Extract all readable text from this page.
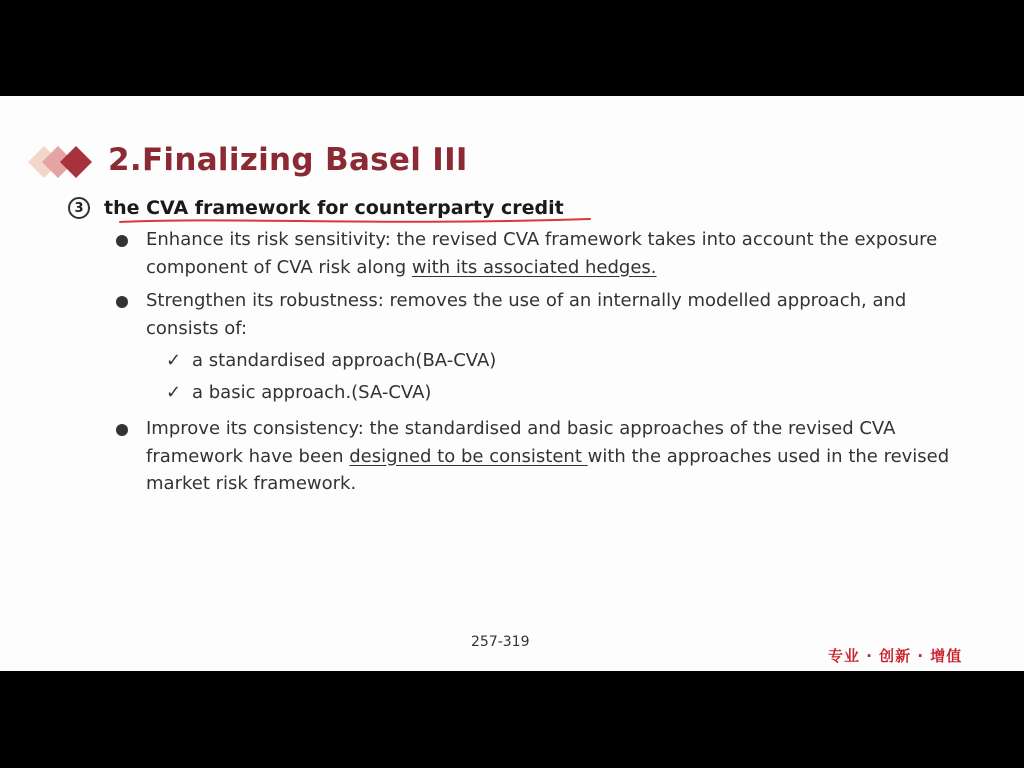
2.Finalizing Basel III
3	the CVA framework for counterparty credit
Enhance its risk sensitivity: the revised CVA framework takes into account the exposure component of CVA risk along with its associated hedges.
Strengthen its robustness: removes the use of an internally modelled approach, and consists of:
✓ a standardised approach(BA-CVA)
✓ a basic approach.(SA-CVA)
Improve its consistency: the standardised and basic approaches of the revised CVA framework have been designed to be consistent with the approaches used in the revised market risk framework.
257-319
专业 · 创新 · 增值
